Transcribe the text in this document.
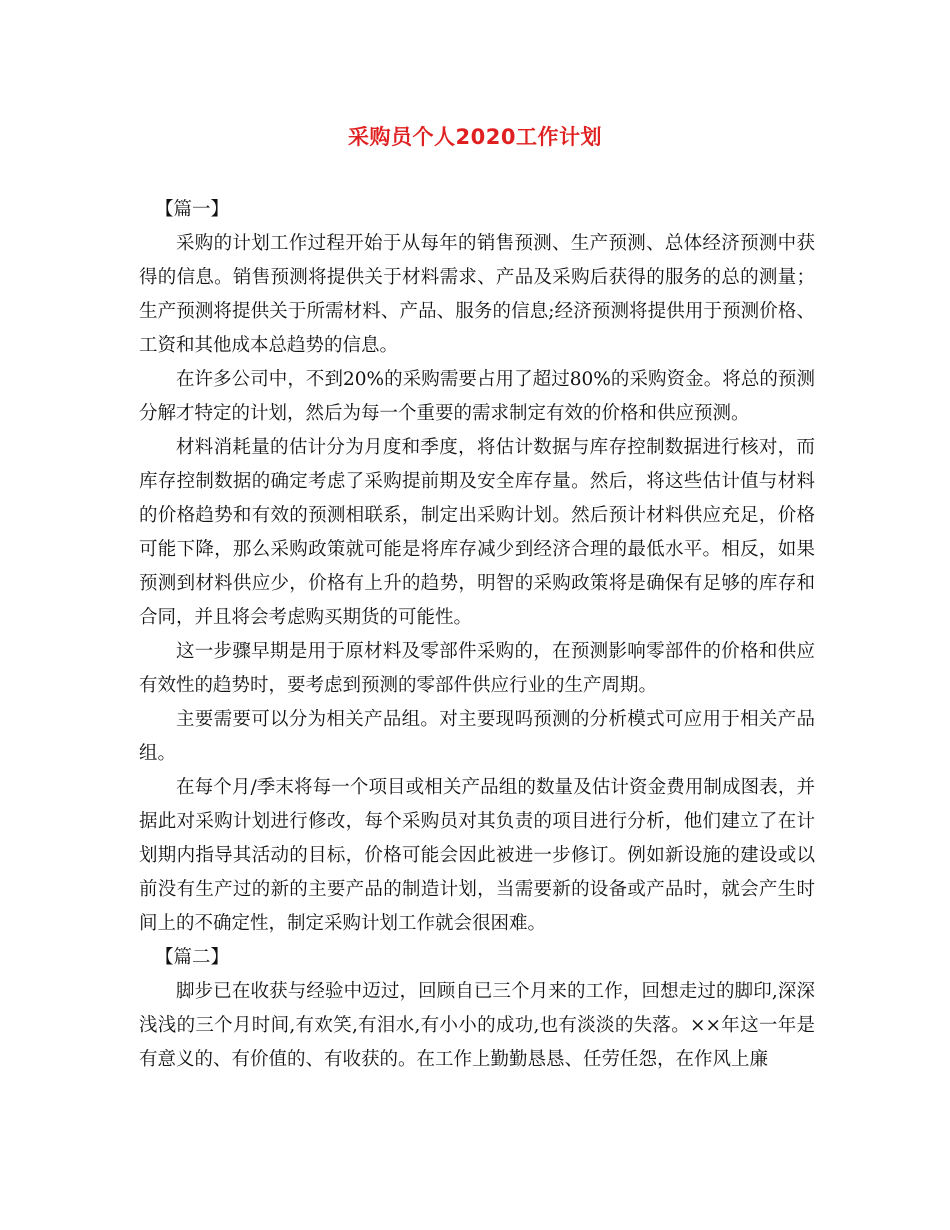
采购员个人2020工作计划

【篇一】

采购的计划工作过程开始于从每年的销售预测、生产预测、总体经济预测中获得的信息。销售预测将提供关于材料需求、产品及采购后获得的服务的总的测量；生产预测将提供关于所需材料、产品、服务的信息;经济预测将提供用于预测价格、工资和其他成本总趋势的信息。

在许多公司中，不到20%的采购需要占用了超过80%的采购资金。将总的预测分解才特定的计划，然后为每一个重要的需求制定有效的价格和供应预测。

材料消耗量的估计分为月度和季度，将估计数据与库存控制数据进行核对，而库存控制数据的确定考虑了采购提前期及安全库存量。然后，将这些估计值与材料的价格趋势和有效的预测相联系，制定出采购计划。然后预计材料供应充足，价格可能下降，那么采购政策就可能是将库存减少到经济合理的最低水平。相反，如果预测到材料供应少，价格有上升的趋势，明智的采购政策将是确保有足够的库存和合同，并且将会考虑购买期货的可能性。

这一步骤早期是用于原材料及零部件采购的，在预测影响零部件的价格和供应有效性的趋势时，要考虑到预测的零部件供应行业的生产周期。

主要需要可以分为相关产品组。对主要现吗预测的分析模式可应用于相关产品组。

在每个月/季末将每一个项目或相关产品组的数量及估计资金费用制成图表，并据此对采购计划进行修改，每个采购员对其负责的项目进行分析，他们建立了在计划期内指导其活动的目标，价格可能会因此被进一步修订。例如新设施的建设或以前没有生产过的新的主要产品的制造计划，当需要新的设备或产品时，就会产生时间上的不确定性，制定采购计划工作就会很困难。

【篇二】

脚步已在收获与经验中迈过，回顾自已三个月来的工作，回想走过的脚印,深深浅浅的三个月时间,有欢笑,有泪水,有小小的成功,也有淡淡的失落。××年这一年是有意义的、有价值的、有收获的。在工作上勤勤恳恳、任劳任怨，在作风上廉
